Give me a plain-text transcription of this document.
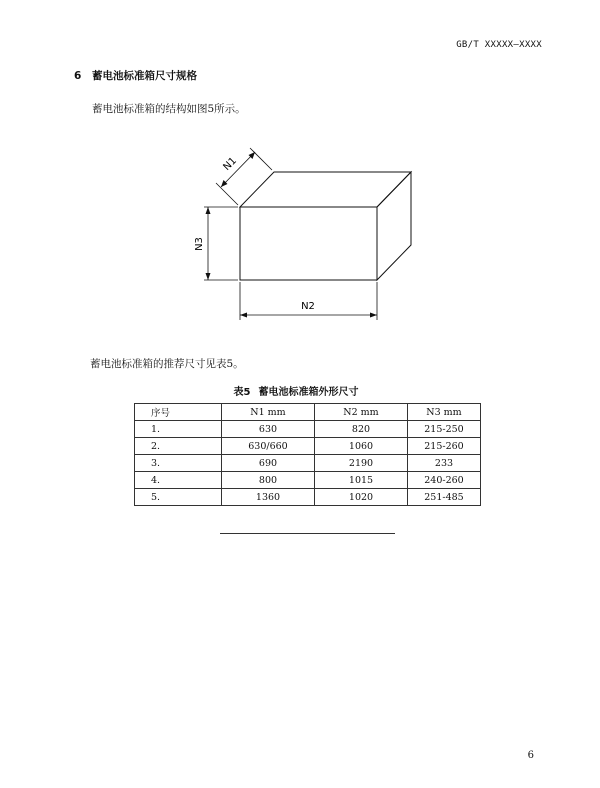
GB/T XXXXX—XXXX
6 蓄电池标准箱尺寸规格
蓄电池标准箱的结构如图5所示。
N3
N2
N1
蓄电池标准箱的推荐尺寸见表5。
表5 蓄电池标准箱外形尺寸
序号	N1 mm	N2 mm	N3 mm
1.	630	820	215-250
2.	630/660	1060	215-260
3.	690	2190	233
4.	800	1015	240-260
5.	1360	1020	251-485
6
